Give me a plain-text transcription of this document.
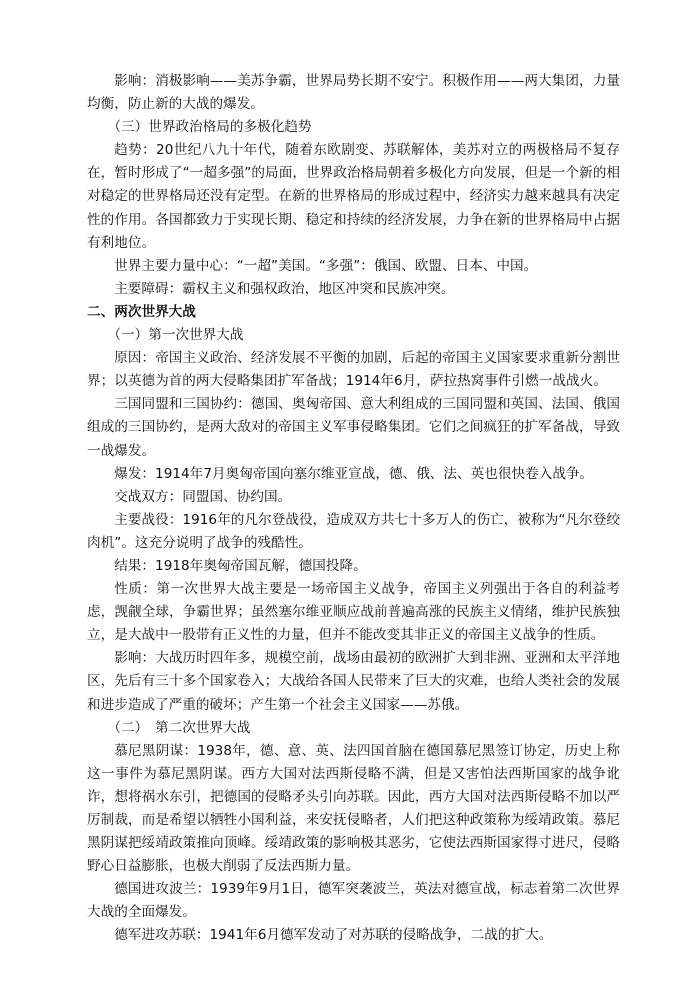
影响：消极影响——美苏争霸，世界局势长期不安宁。积极作用——两大集团，力量均衡，防止新的大战的爆发。

（三）世界政治格局的多极化趋势

趋势：20世纪八九十年代，随着东欧剧变、苏联解体，美苏对立的两极格局不复存在，暂时形成了“一超多强”的局面，世界政治格局朝着多极化方向发展，但是一个新的相对稳定的世界格局还没有定型。在新的世界格局的形成过程中，经济实力越来越具有决定性的作用。各国都致力于实现长期、稳定和持续的经济发展，力争在新的世界格局中占据有利地位。

世界主要力量中心：“一超”美国。“多强”：俄国、欧盟、日本、中国。

主要障碍：霸权主义和强权政治，地区冲突和民族冲突。

二、两次世界大战

（一）第一次世界大战

原因：帝国主义政治、经济发展不平衡的加剧，后起的帝国主义国家要求重新分割世界；以英德为首的两大侵略集团扩军备战；1914年6月，萨拉热窝事件引燃一战战火。

三国同盟和三国协约：德国、奥匈帝国、意大利组成的三国同盟和英国、法国、俄国组成的三国协约，是两大敌对的帝国主义军事侵略集团。它们之间疯狂的扩军备战，导致一战爆发。

爆发：1914年7月奥匈帝国向塞尔维亚宣战，德、俄、法、英也很快卷入战争。

交战双方：同盟国、协约国。

主要战役：1916年的凡尔登战役，造成双方共七十多万人的伤亡，被称为“凡尔登绞肉机”。这充分说明了战争的残酷性。

结果：1918年奥匈帝国瓦解，德国投降。

性质：第一次世界大战主要是一场帝国主义战争，帝国主义列强出于各自的利益考虑，觊觎全球，争霸世界；虽然塞尔维亚顺应战前普遍高涨的民族主义情绪，维护民族独立，是大战中一股带有正义性的力量，但并不能改变其非正义的帝国主义战争的性质。

影响：大战历时四年多，规模空前，战场由最初的欧洲扩大到非洲、亚洲和太平洋地区，先后有三十多个国家卷入；大战给各国人民带来了巨大的灾难，也给人类社会的发展和进步造成了严重的破坏；产生第一个社会主义国家——苏俄。

（二）　第二次世界大战

慕尼黑阴谋：1938年，德、意、英、法四国首脑在德国慕尼黑签订协定，历史上称这一事件为慕尼黑阴谋。西方大国对法西斯侵略不满，但是又害怕法西斯国家的战争讹诈，想将祸水东引，把德国的侵略矛头引向苏联。因此，西方大国对法西斯侵略不加以严厉制裁，而是希望以牺牲小国利益，来安抚侵略者，人们把这种政策称为绥靖政策。慕尼黑阴谋把绥靖政策推向顶峰。绥靖政策的影响极其恶劣，它使法西斯国家得寸进尺，侵略野心日益膨胀，也极大削弱了反法西斯力量。

德国进攻波兰：1939年9月1日，德军突袭波兰，英法对德宣战，标志着第二次世界大战的全面爆发。

德军进攻苏联：1941年6月德军发动了对苏联的侵略战争，二战的扩大。
